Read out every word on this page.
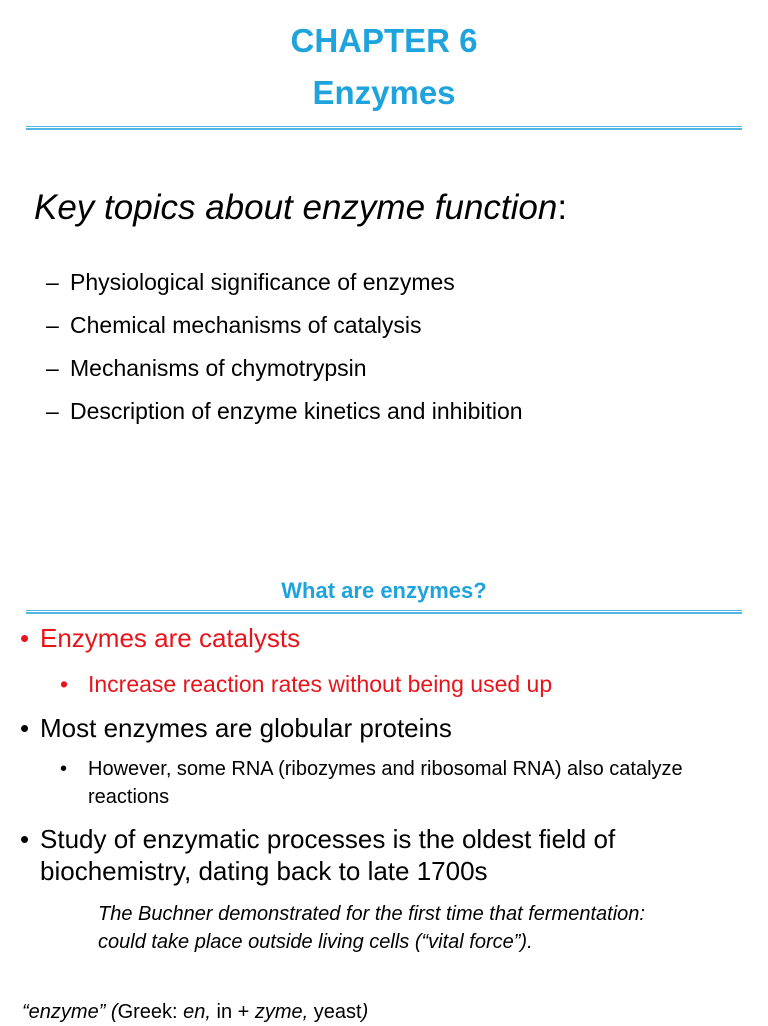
CHAPTER 6
Enzymes
Key topics about enzyme function:
– Physiological significance of enzymes
– Chemical mechanisms of catalysis
– Mechanisms of chymotrypsin
– Description of enzyme kinetics and inhibition
What are enzymes?
• Enzymes are catalysts
• Increase reaction rates without being used up
• Most enzymes are globular proteins
•	However, some RNA (ribozymes and ribosomal RNA) also catalyze reactions
• Study of enzymatic processes is the oldest field of
biochemistry, dating back to late 1700s
The Buchner demonstrated for the first time that fermentation: could take place outside living cells (“vital force”).
“enzyme” (Greek: en, in + zyme, yeast)
